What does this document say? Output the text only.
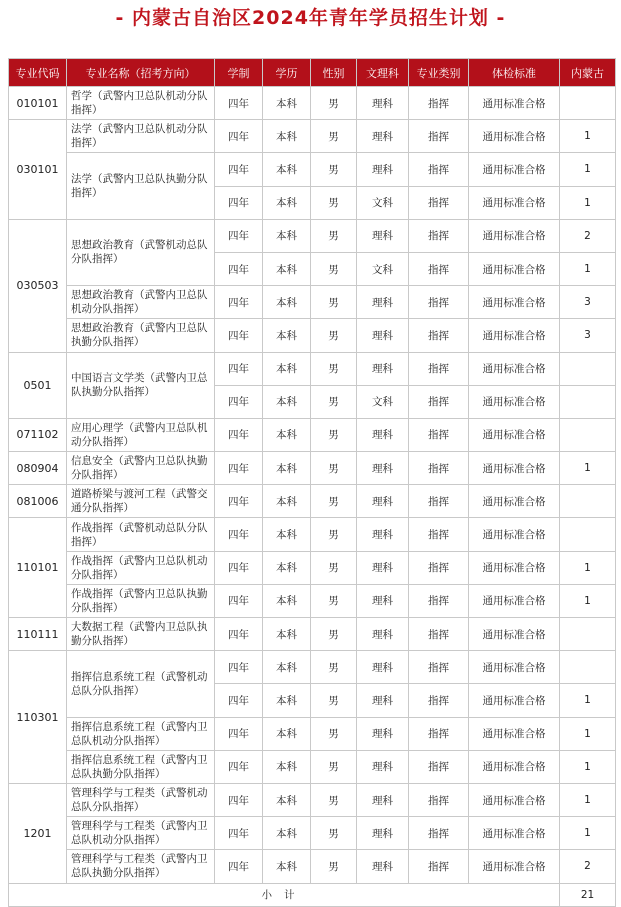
- 内蒙古自治区2024年青年学员招生计划 -
专业代码	专业名称（招考方向）	学制	学历	性别	文理科	专业类别	体检标准	内蒙古
010101	哲学（武警内卫总队机动分队指挥）	四年	本科	男	理科	指挥	通用标准合格	
030101	法学（武警内卫总队机动分队指挥）	四年	本科	男	理科	指挥	通用标准合格	1
	法学（武警内卫总队执勤分队指挥）	四年	本科	男	理科	指挥	通用标准合格	1
		四年	本科	男	文科	指挥	通用标准合格	1
030503	思想政治教育（武警机动总队分队指挥）	四年	本科	男	理科	指挥	通用标准合格	2
		四年	本科	男	文科	指挥	通用标准合格	1
	思想政治教育（武警内卫总队机动分队指挥）	四年	本科	男	理科	指挥	通用标准合格	3
	思想政治教育（武警内卫总队执勤分队指挥）	四年	本科	男	理科	指挥	通用标准合格	3
0501	中国语言文学类（武警内卫总队执勤分队指挥）	四年	本科	男	理科	指挥	通用标准合格	
		四年	本科	男	文科	指挥	通用标准合格	
071102	应用心理学（武警内卫总队机动分队指挥）	四年	本科	男	理科	指挥	通用标准合格	
080904	信息安全（武警内卫总队执勤分队指挥）	四年	本科	男	理科	指挥	通用标准合格	1
081006	道路桥梁与渡河工程（武警交通分队指挥）	四年	本科	男	理科	指挥	通用标准合格	
110101	作战指挥（武警机动总队分队指挥）	四年	本科	男	理科	指挥	通用标准合格	
	作战指挥（武警内卫总队机动分队指挥）	四年	本科	男	理科	指挥	通用标准合格	1
	作战指挥（武警内卫总队执勤分队指挥）	四年	本科	男	理科	指挥	通用标准合格	1
110111	大数据工程（武警内卫总队执勤分队指挥）	四年	本科	男	理科	指挥	通用标准合格	
110301	指挥信息系统工程（武警机动总队分队指挥）	四年	本科	男	理科	指挥	通用标准合格	
		四年	本科	男	理科	指挥	通用标准合格	1
	指挥信息系统工程（武警内卫总队机动分队指挥）	四年	本科	男	理科	指挥	通用标准合格	1
	指挥信息系统工程（武警内卫总队执勤分队指挥）	四年	本科	男	理科	指挥	通用标准合格	1
1201	管理科学与工程类（武警机动总队分队指挥）	四年	本科	男	理科	指挥	通用标准合格	1
	管理科学与工程类（武警内卫总队机动分队指挥）	四年	本科	男	理科	指挥	通用标准合格	1
	管理科学与工程类（武警内卫总队执勤分队指挥）	四年	本科	男	理科	指挥	通用标准合格	2
小计								21
